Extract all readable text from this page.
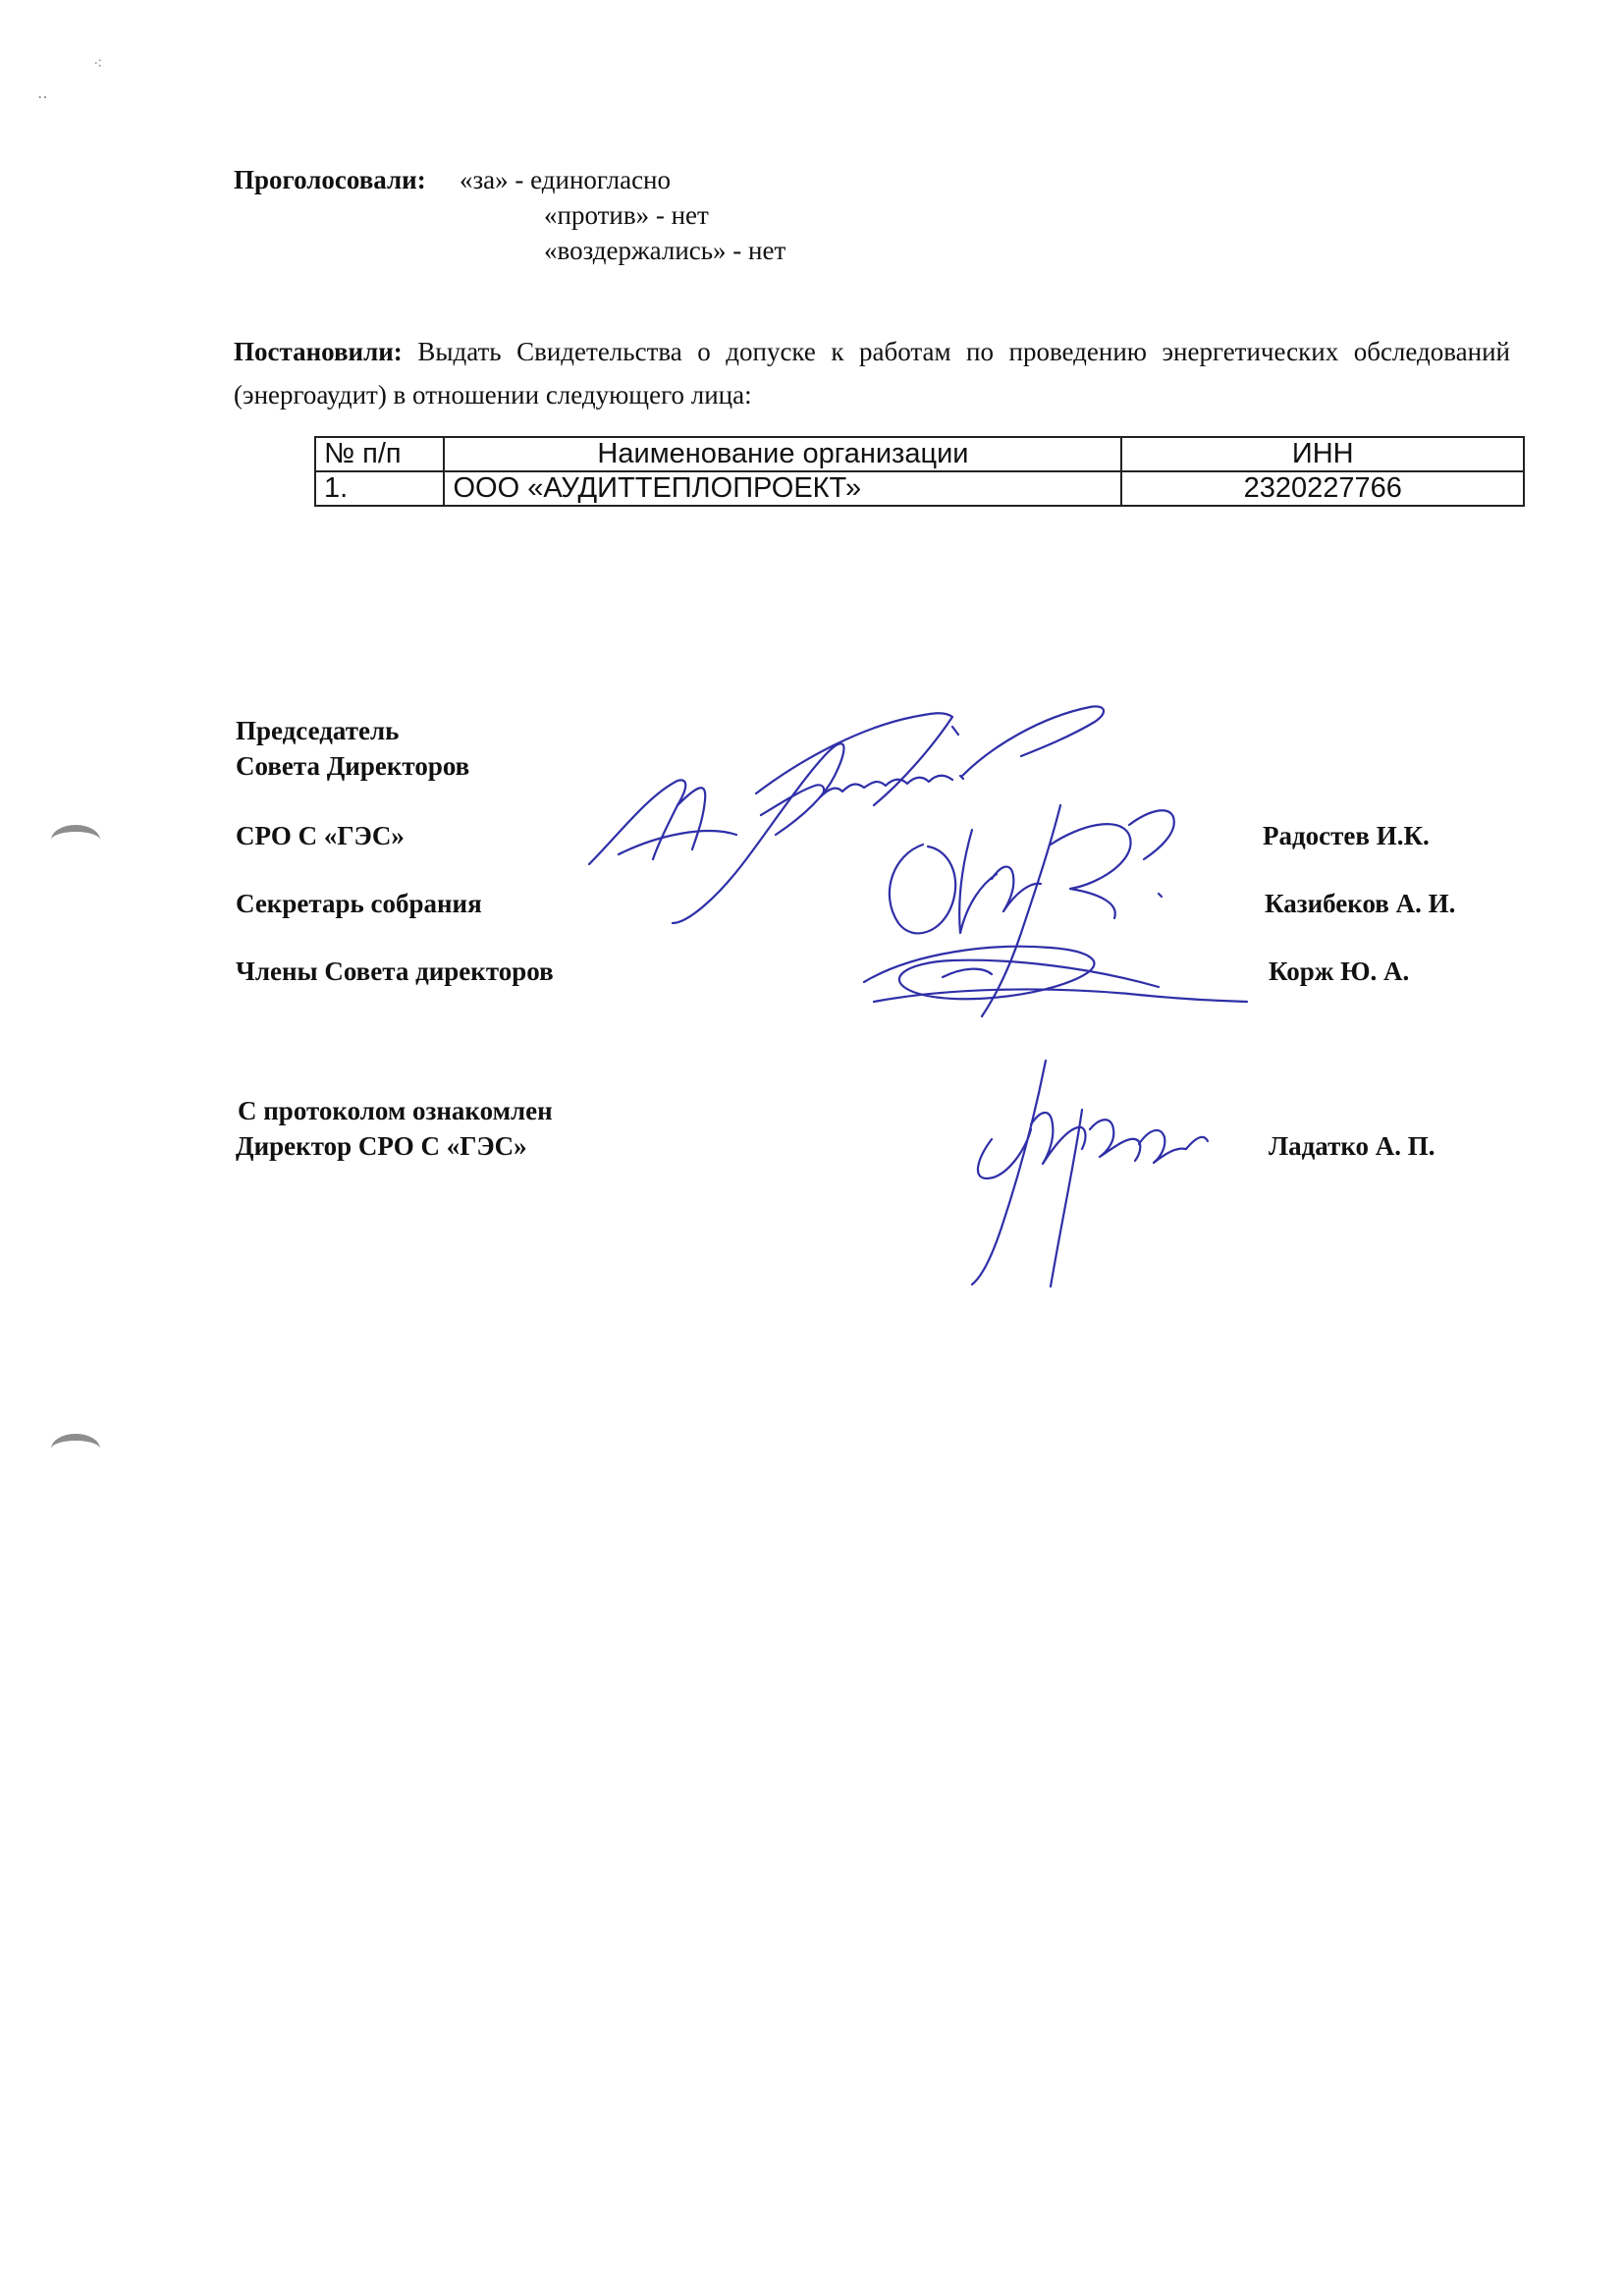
⁖
‥
Проголосовали: «за» - единогласно
«против» - нет
«воздержались» - нет
Постановили: Выдать Свидетельства о допуске к работам по проведению энергетических обследований (энергоаудит) в отношении следующего лица:
№ п/п	Наименование организации	ИНН
1.	ООО «АУДИТТЕПЛОПРОЕКТ»	2320227766
Председатель
Совета Директоров
СРО С «ГЭС»
Секретарь собрания
Члены Совета директоров
С протоколом ознакомлен
Директор СРО С «ГЭС»
Радостев И.К.
Казибеков А. И.
Корж Ю. А.
Ладатко А. П.
